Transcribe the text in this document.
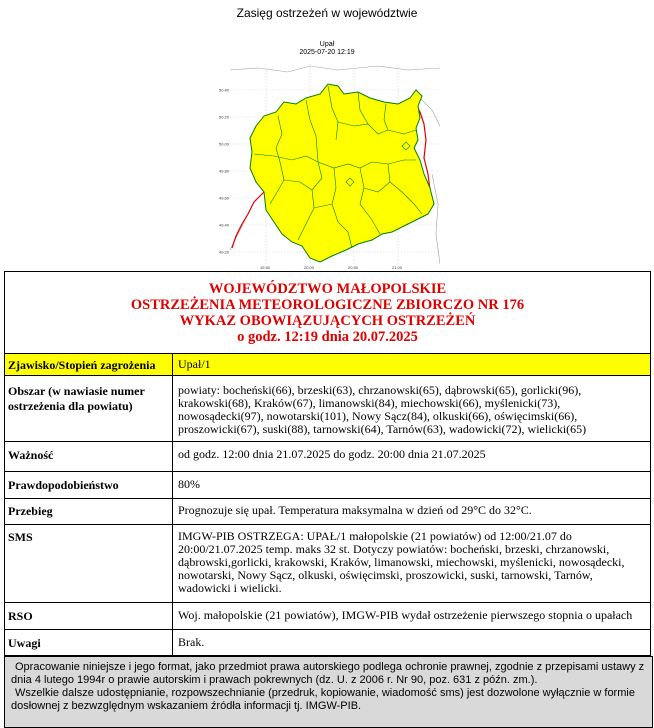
Zasięg ostrzeżeń w województwie
Upał
2025-07-20 12:19
50.40
50.20
50.00
49.80
49.60
49.40
49.20
19.50	20.00	20.50	21.00
WOJEWÓDZTWO MAŁOPOLSKIE
OSTRZEŻENIA METEOROLOGICZNE ZBIORCZO NR 176
WYKAZ OBOWIĄZUJĄCYCH OSTRZEŻEŃ
o godz. 12:19 dnia 20.07.2025	

Zjawisko/Stopień zagrożenia	Upał/1
Obszar (w nawiasie numer ostrzeżenia dla powiatu)	powiaty: bocheński(66), brzeski(63), chrzanowski(65), dąbrowski(65), gorlicki(96), krakowski(68), Kraków(67), limanowski(84), miechowski(66), myślenicki(73), nowosądecki(97), nowotarski(101), Nowy Sącz(84), olkuski(66), oświęcimski(66), proszowicki(67), suski(88), tarnowski(64), Tarnów(63), wadowicki(72), wielicki(65)
Ważność	od godz. 12:00 dnia 21.07.2025 do godz. 20:00 dnia 21.07.2025
Prawdopodobieństwo	80%
Przebieg	Prognozuje się upał. Temperatura maksymalna w dzień od 29°C do 32°C.
SMS	IMGW-PIB OSTRZEGA: UPAŁ/1 małopolskie (21 powiatów) od 12:00/21.07 do 20:00/21.07.2025 temp. maks 32 st. Dotyczy powiatów: bocheński, brzeski, chrzanowski, dąbrowski,gorlicki, krakowski, Kraków, limanowski, miechowski, myślenicki, nowosądecki, nowotarski, Nowy Sącz, olkuski, oświęcimski, proszowicki, suski, tarnowski, Tarnów, wadowicki i wielicki.
RSO	Woj. małopolskie (21 powiatów), IMGW-PIB wydał ostrzeżenie pierwszego stopnia o upałach
Uwagi	Brak.
Opracowanie niniejsze i jego format, jako przedmiot prawa autorskiego podlega ochronie prawnej, zgodnie z przepisami ustawy z dnia 4 lutego 1994r o prawie autorskim i prawach pokrewnych (dz. U. z 2006 r. Nr 90, poz. 631 z późn. zm.).
Wszelkie dalsze udostępnianie, rozpowszechnianie (przedruk, kopiowanie, wiadomość sms) jest dozwolone wyłącznie w formie dosłownej z bezwzględnym wskazaniem źródła informacji tj. IMGW-PIB.
